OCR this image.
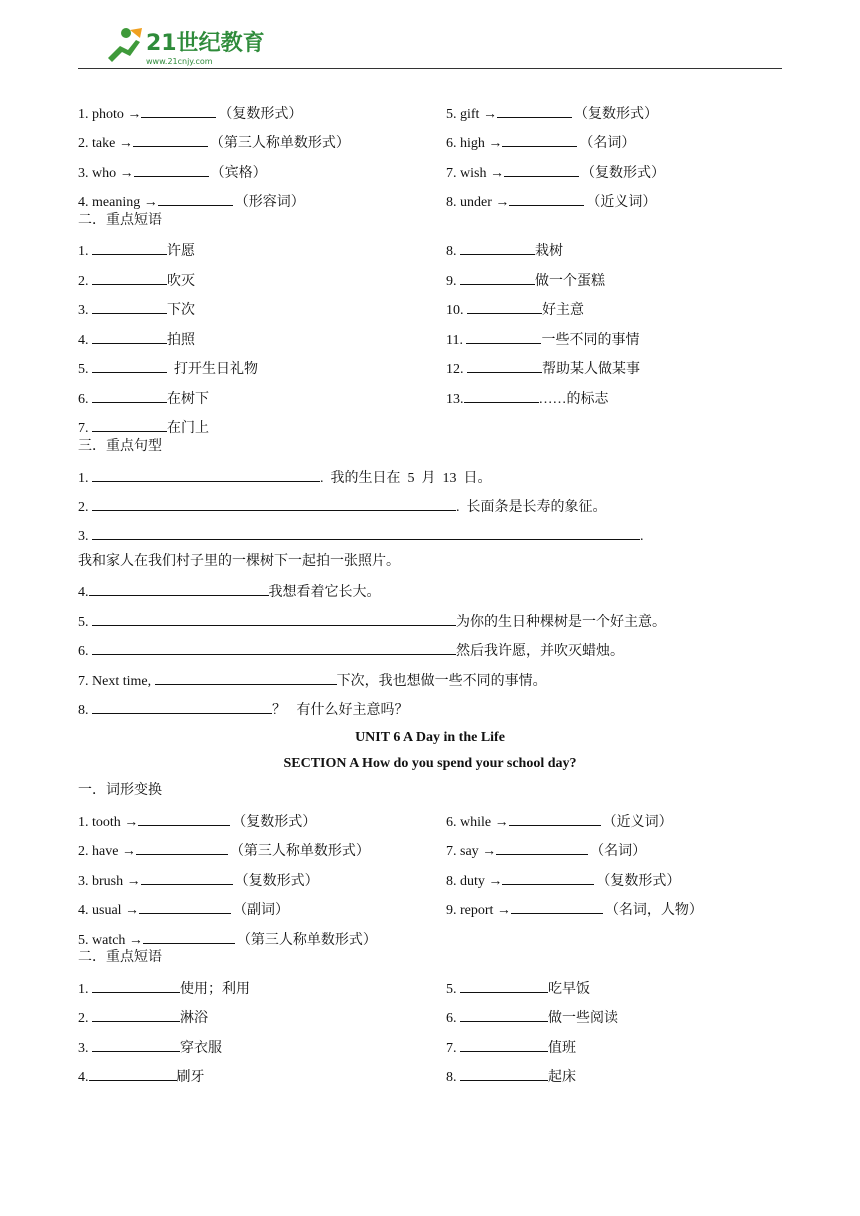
21世纪教育
www.21cnjy.com
1. photo →	（复数形式）
2. take →	（第三人称单数形式）
3. who →	（宾格）
4. meaning →	（形容词）
5. gift →	（复数形式）
6. high →	（名词）
7. wish →	（复数形式）
8. under →	（近义词）
二．重点短语
1.	许愿
2.	吹灭
3.	下次
4.	拍照
5.	打开生日礼物
6.	在树下
7.	在门上
8.	栽树
9.	做一个蛋糕
10.	好主意
11.	一些不同的事情
12.	帮助某人做某事
13.	……的标志
三．重点句型
1.	.  我的生日在  5  月  13  日。
2.	.  长面条是长寿的象征。
3.	.
我和家人在我们村子里的一棵树下一起拍一张照片。
4.	我想看着它长大。
5.	为你的生日种棵树是一个好主意。
6.	然后我许愿，并吹灭蜡烛。
7. Next time,	下次，我也想做一些不同的事情。
8.	？   有什么好主意吗？
UNIT 6 A Day in the Life
SECTION A How do you spend your school day?
一．词形变换
1. tooth →	（复数形式）
2. have →	（第三人称单数形式）
3. brush →	（复数形式）
4. usual →	（副词）
5. watch →	（第三人称单数形式）
6. while →	（近义词）
7. say →	（名词）
8. duty →	（复数形式）
9. report →	（名词，人物）
二．重点短语
1.	使用；利用
2.	淋浴
3.	穿衣服
4.	刷牙
5.	吃早饭
6.	做一些阅读
7.	值班
8.	起床
